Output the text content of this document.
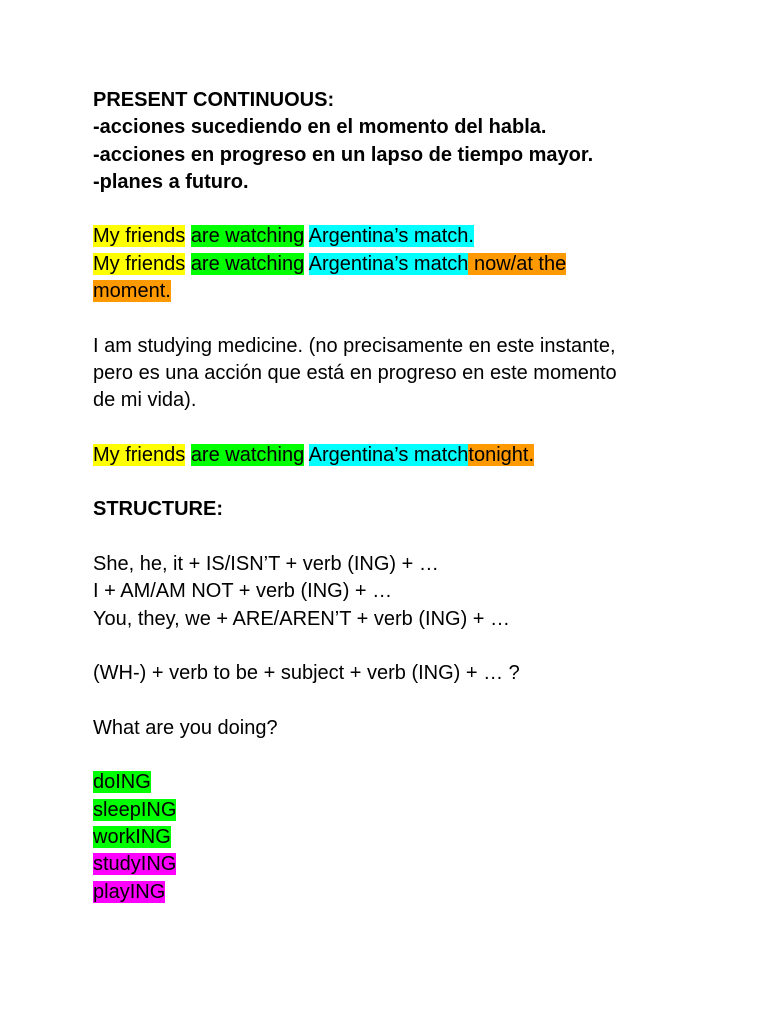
PRESENT CONTINUOUS:
-acciones sucediendo en el momento del habla.
-acciones en progreso en un lapso de tiempo mayor.
-planes a futuro.
My friends are watching Argentina’s match.
My friends are watching Argentina’s match now/at the
moment.
I am studying medicine. (no precisamente en este instante,
pero es una acción que está en progreso en este momento
de mi vida).
My friends are watching Argentina’s matchtonight.
STRUCTURE:
She, he, it + IS/ISN’T + verb (ING) + …
I + AM/AM NOT + verb (ING) + …
You, they, we + ARE/AREN’T + verb (ING) + …
(WH-) + verb to be + subject + verb (ING) + … ?
What are you doing?
doING
sleepING
workING
studyING
playING
